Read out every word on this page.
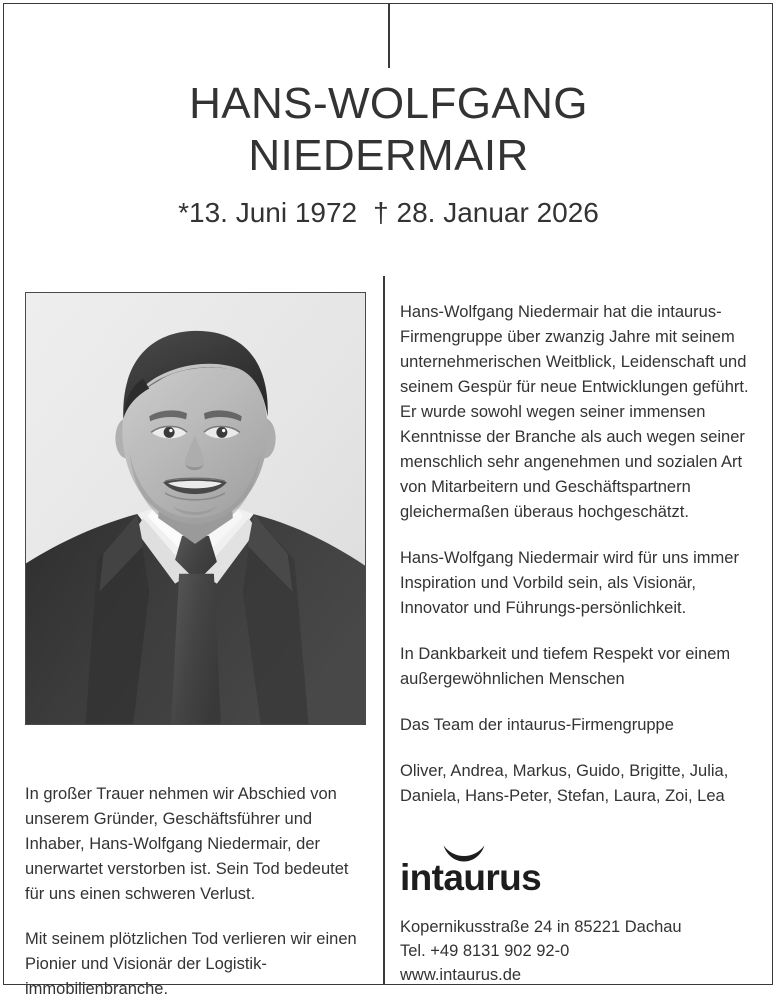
HANS-WOLFGANG
NIEDERMAIR
*13. Juni 1972 † 28. Januar 2026

In großer Trauer nehmen wir Abschied von unserem Gründer, Geschäftsführer und Inhaber, Hans-Wolfgang Niedermair, der unerwartet verstorben ist. Sein Tod bedeutet für uns einen schweren Verlust.

Mit seinem plötzlichen Tod verlieren wir einen Pionier und Visionär der Logistik-immobilienbranche.

Hans-Wolfgang Niedermair hat die intaurus-Firmengruppe über zwanzig Jahre mit seinem unternehmerischen Weitblick, Leidenschaft und seinem Gespür für neue Entwicklungen geführt. Er wurde sowohl wegen seiner immensen Kenntnisse der Branche als auch wegen seiner menschlich sehr angenehmen und sozialen Art von Mitarbeitern und Geschäftspartnern gleichermaßen überaus hochgeschätzt.

Hans-Wolfgang Niedermair wird für uns immer Inspiration und Vorbild sein, als Visionär, Innovator und Führungs-persönlichkeit.

In Dankbarkeit und tiefem Respekt vor einem außergewöhnlichen Menschen

Das Team der intaurus-Firmengruppe

Oliver, Andrea, Markus, Guido, Brigitte, Julia, Daniela, Hans-Peter, Stefan, Laura, Zoi, Lea

intaurus
Kopernikusstraße 24 in 85221 Dachau
Tel. +49 8131 902 92-0
www.intaurus.de
